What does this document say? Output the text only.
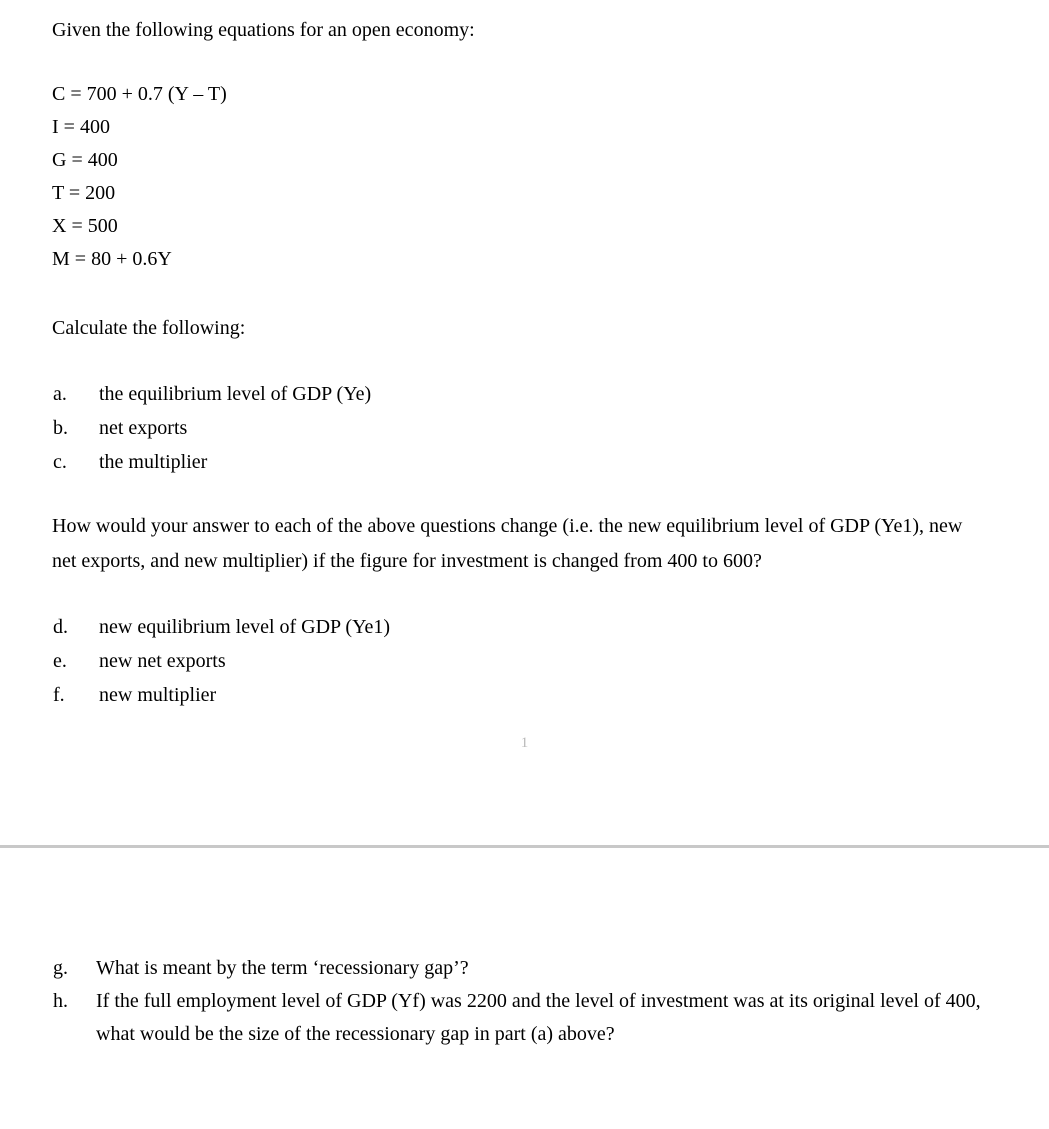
Given the following equations for an open economy:

C = 700 + 0.7 (Y – T)
I = 400
G = 400
T = 200
X = 500
M = 80 + 0.6Y

Calculate the following:

a.	the equilibrium level of GDP (Ye)
b.	net exports
c.	the multiplier

How would your answer to each of the above questions change (i.e. the new equilibrium level of GDP (Ye1), new net exports, and new multiplier) if the figure for investment is changed from 400 to 600?

d.	new equilibrium level of GDP (Ye1)
e.	new net exports
f.	new multiplier
1
g.	What is meant by the term ‘recessionary gap’?
h.	If the full employment level of GDP (Yf) was 2200 and the level of investment was at its original level of 400, what would be the size of the recessionary gap in part (a) above?
